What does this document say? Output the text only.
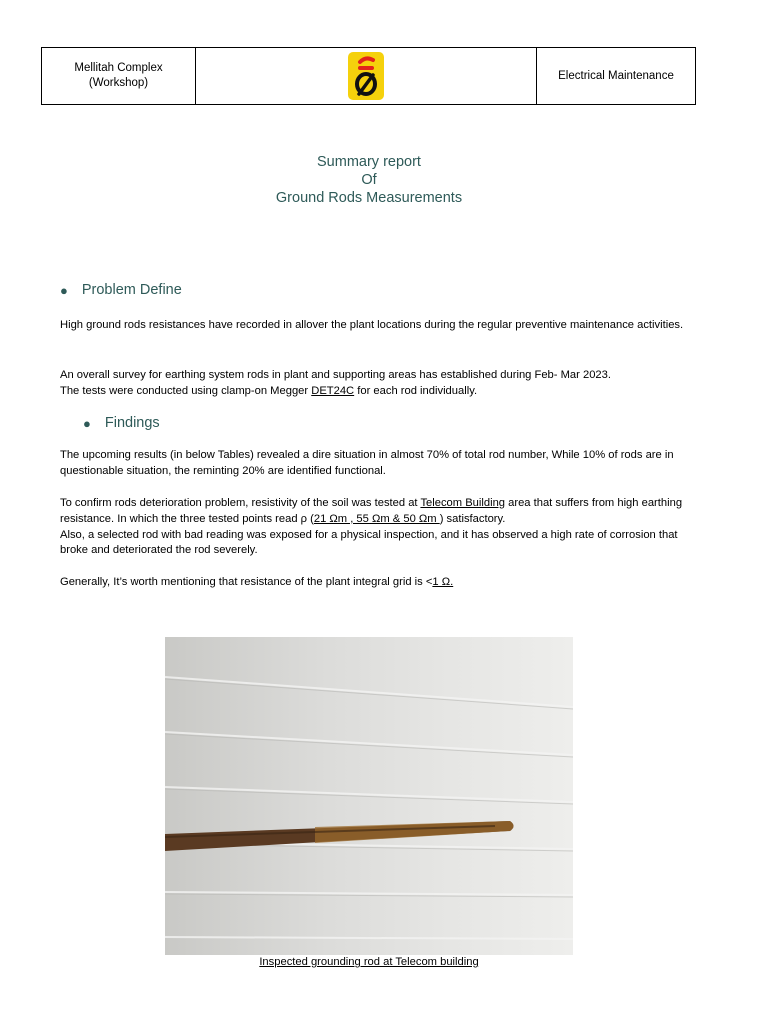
Mellitah Complex
(Workshop)
Electrical Maintenance
Summary report
Of
Ground Rods Measurements
● Problem Define

High ground rods resistances have recorded in allover the plant locations during the regular preventive maintenance activities.

An overall survey for earthing system rods in plant and supporting areas has established during Feb- Mar 2023.

The tests were conducted using clamp-on Megger DET24C for each rod individually.

● Findings

The upcoming results (in below Tables) revealed a dire situation in almost 70% of total rod number, While 10% of rods are in questionable situation, the reminting 20% are identified functional.

To confirm rods deterioration problem, resistivity of the soil was tested at Telecom Building area that suffers from high earthing resistance. In which the three tested points read ρ (21 Ωm , 55 Ωm & 50 Ωm ) satisfactory.

Also, a selected rod with bad reading was exposed for a physical inspection, and it has observed a high rate of corrosion that broke and deteriorated the rod severely.

Generally, It’s worth mentioning that resistance of the plant integral grid is <1 Ω.

Inspected grounding rod at Telecom building
